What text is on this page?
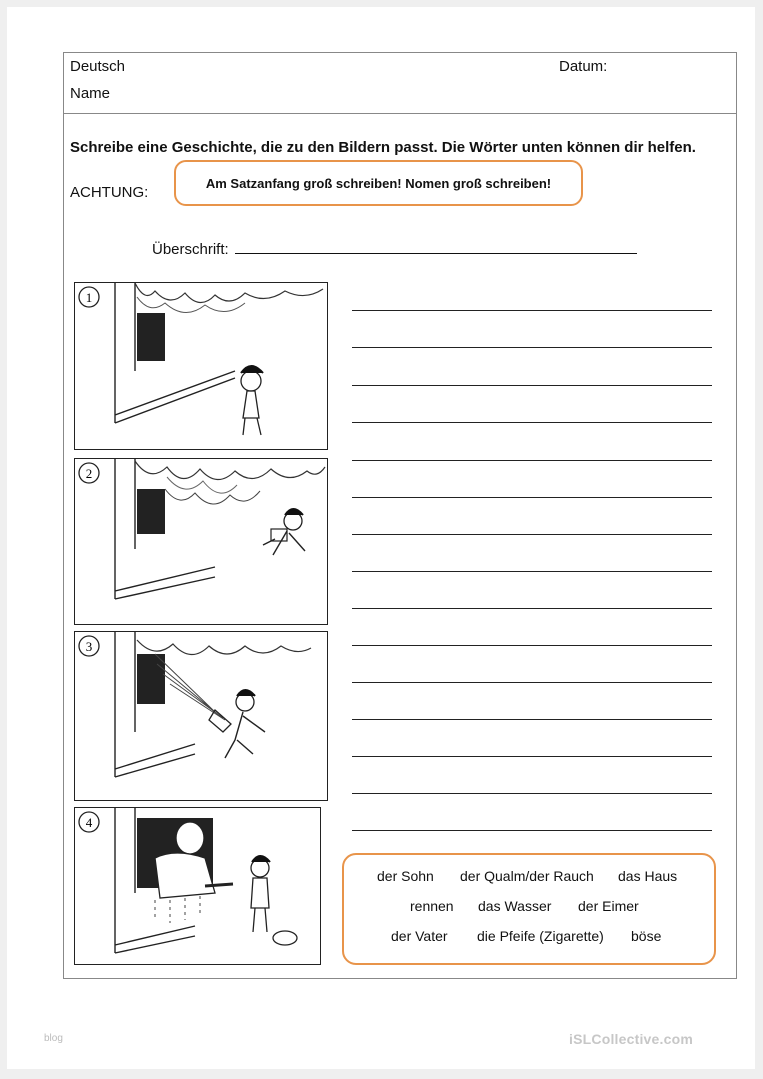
Deutsch
Name
Datum:
Schreibe eine Geschichte, die zu den Bildern passt. Die Wörter unten können dir helfen.
ACHTUNG:
Am Satzanfang groß schreiben! Nomen groß schreiben!
Überschrift:
1
2
3
4
der Sohn der Qualm/der Rauch das Haus
rennen das Wasser der Eimer
der Vater die Pfeife (Zigarette) böse
blog	iSLCollective.com
